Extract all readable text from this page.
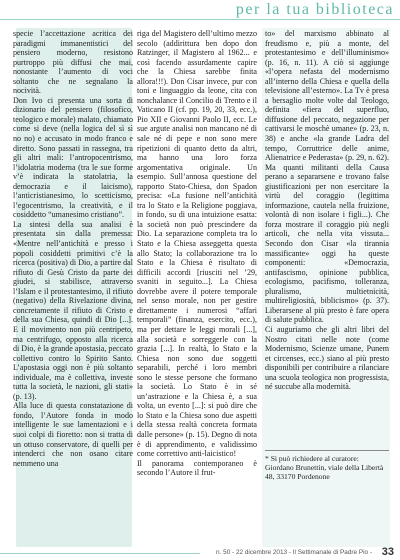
per la tua biblioteca

specie l’accettazione acritica dei paradigmi immanentistici del pensiero moderno, resistono purtroppo più diffusi che mai, nonostante l’aumento di voci soltanto che ne segnalano la nocività.

Don Ivo ci presenta una sorta di dizionario del pensiero (filosofico, teologico e morale) malato, chiamato come si deve (nella logica del sì sì no no) e accusato in modo franco e diretto. Sono passati in rassegna, tra gli altri mali: l’antropocentrismo, l’idolatria moderna (tra le sue forme v’è indicata la statolatria, la democrazia e il laicismo), l’anticristianesimo, lo scetticismo, l’egocentrismo, la creatività, e il cosiddetto “umanesimo cristiano”.

La sintesi della sua analisi è presentata sin dalla premessa: «Mentre nell’antichità e presso i popoli cosiddetti primitivi c’è la ricerca (positiva) di Dio, a partire dal rifiuto di Gesù Cristo da parte dei giudei, si stabilisce, attraverso l’Islam e il protestantesimo, il rifiuto (negativo) della Rivelazione divina, concretamente il rifiuto di Cristo e della sua Chiesa, quindi di Dio [...]. E il movimento non più centripeto, ma centrifugo, opposto alla ricerca di Dio, è la grande apostasia, peccato collettivo contro lo Spirito Santo. L’apostasia oggi non è più soltanto individuale, ma è collettiva, investe tutta la società, le nazioni, gli stati» (p. 13).

Alla luce di questa constatazione di fondo, l’Autore fonda in modo intelligente le sue lamentazioni e i suoi colpi di fioretto: non si tratta di un ottuso conservatore, di quelli per intenderci che non osano citare nemmeno una

riga del Magistero dell’ultimo mezzo secolo (addirittura ben dopo don Ratzinger, il Magistero al 1962... e così facendo assurdamente capire che la Chiesa sarebbe finita allora!!!). Don Cisar invece, pur con toni e linguaggio da leone, cita con nonchalance il Concilio di Trento e il Vaticano II (cf. pp. 19, 20, 33, ecc.), Pio XII e Giovanni Paolo II, ecc. Le sue argute analisi non mancano né di sale né di pepe e non sono mere ripetizioni di quanto detto da altri, ma hanno una loro forza argomentativa originale. Un esempio. Sull’annosa questione del rapporto Stato-Chiesa, don Spadon precisa: «La fusione nell’antichità tra lo Stato e la Religione poggiava, in fondo, su di una intuizione esatta: la società non può prescindere da Dio. La separazione completa tra lo Stato e la Chiesa asseggetta questa allo Stato; la collaborazione tra lo Stato e la Chiesa è risultato di difficili accordi [riusciti nel ’29, svaniti in seguito...]. La Chiesa dovrebbe avere il potere temporale nel senso morale, non per gestire direttamente i numerosi “affari temporali” (finanza, esercito, ecc.), ma per dettare le leggi morali [...], alla società e sorreggerle con la grazia [...]. In realtà, lo Stato e la Chiesa non sono due soggetti separabili, perché i loro membri sono le stesse persone che formano la società. Lo Stato è in sé un’astrazione e la Chiesa è, a sua volta, un evento [...]: si può dire che lo Stato e la Chiesa sono due aspetti della stessa realtà concreta formata dalle persone» (p. 15). Degno di nota è di apprendimento, e validissimo come correttivo anti-laicistico!

Il panorama contemporaneo è secondo l’Autore il frut-

to» del marxismo abbinato al freudismo e, più a monte, del protestantesimo e dell’illuminismo» (p. 16, n. 11). A ciò si aggiunge «l’opera nefasta del modernismo all’interno della Chiesa e quella della televisione all’esterno». La Tv è presa a bersaglio molte volte dal Teologo, definita «fiera del superfluo, diffusione del peccato, negazione per cattivarsi le moschè umane» (p. 23, n. 38) e anche «la grande Ladra del tempo, Corruttrice delle anime, Alienatrice e Pederasta» (p. 29, n. 62). Ma quanti militanti della Causa perano a separarsene e trovano false giustificazioni per non esercitare la virtù del coraggio (legittima informazione, cautela nella fruizione, volontà di non isolare i figli...). Che forza mostrare il coraggio più negli articoli, che nella vita vissuta... Secondo don Cisar «la tirannia massificante» oggi ha queste componenti: «Democrazia, antifascismo, opinione pubblica, ecologismo, pacifismo, tolleranza, pluralismo, multietnicità, multireligiosità, biblicismo» (p. 37). Liberarsene al più presto è fare opera di salute pubblica.

Ci auguriamo che gli altri libri del Nostro citati nelle note (come Modernismo, Scienze umane, Punem et circenses, ecc.) siano al più presto disponibili per contribuire a rilanciare una scuola teologica non progressista, né succube alla modernità.

* Si può richiedere al curatore: Giordano Brunettin, viale della Libertà 48, 33170 Pordenone
n. 50 - 22 dicembre 2013 - Il Settimanale di Padre Pio - 33
